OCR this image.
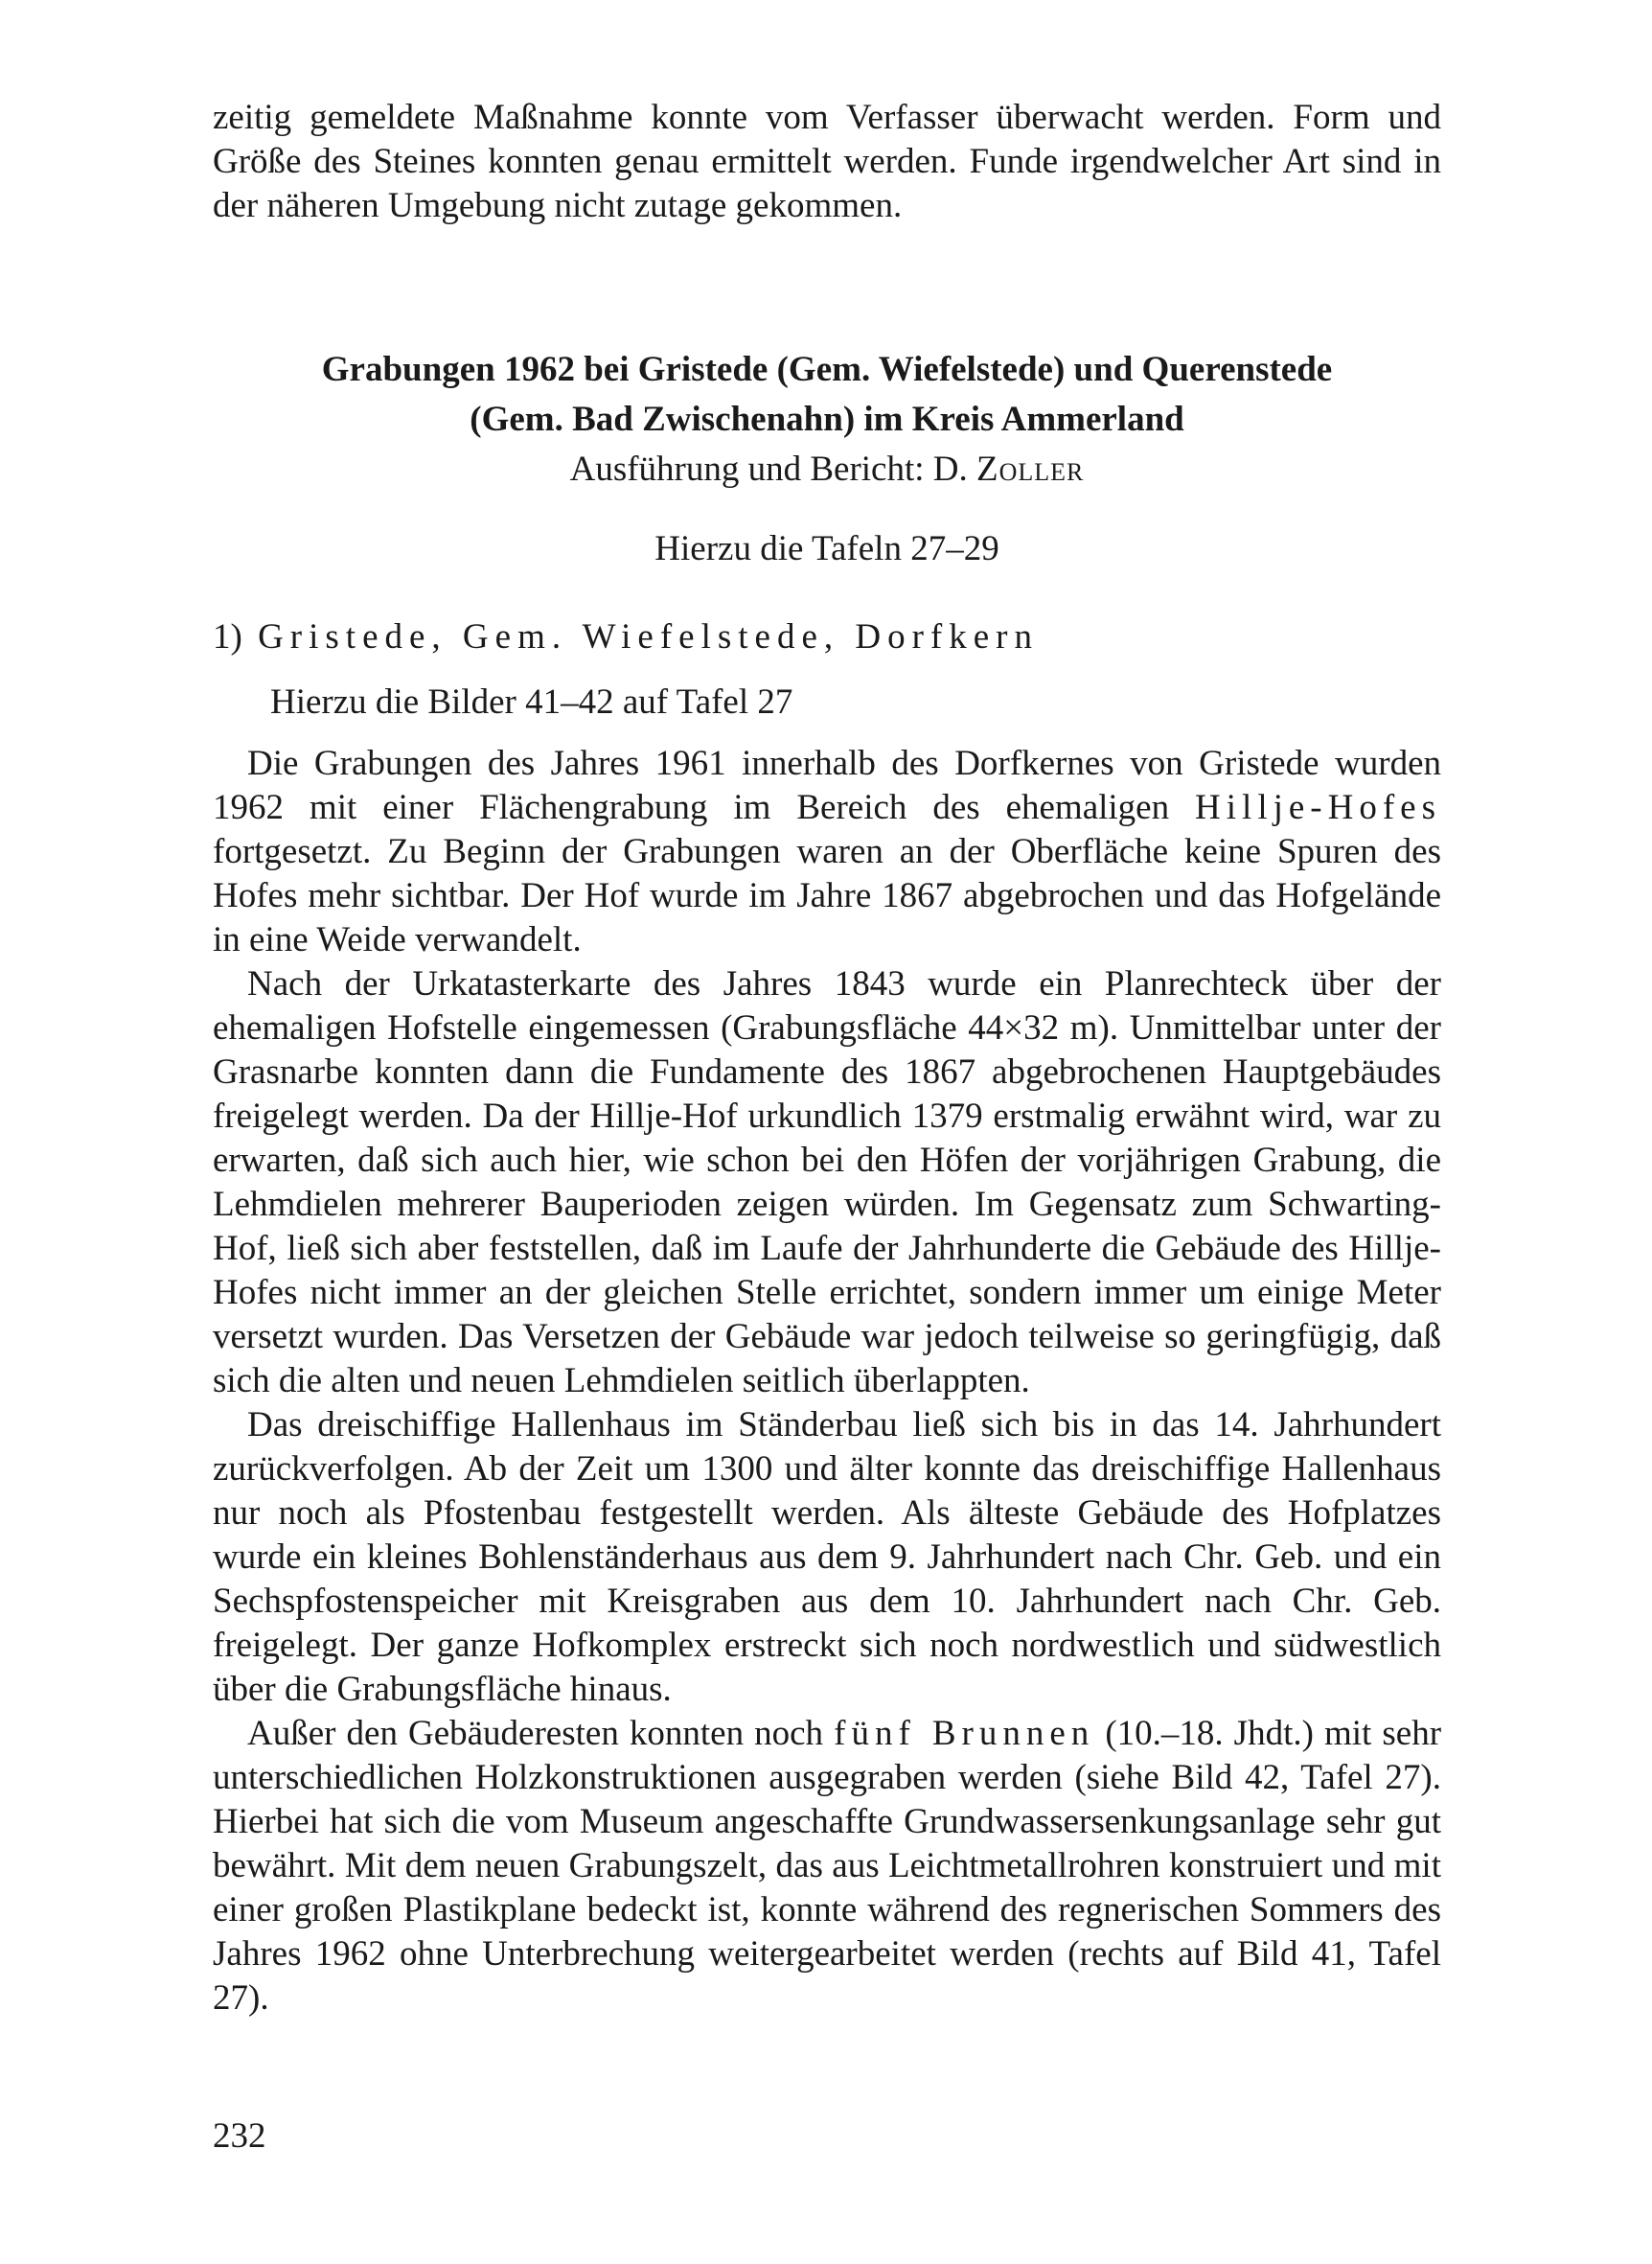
zeitig gemeldete Maßnahme konnte vom Verfasser überwacht werden. Form und Größe des Steines konnten genau ermittelt werden. Funde irgendwelcher Art sind in der näheren Umgebung nicht zutage gekommen.

Grabungen 1962 bei Gristede (Gem. Wiefelstede) und Querenstede

(Gem. Bad Zwischenahn) im Kreis Ammerland

Ausführung und Bericht: D. Zoller

Hierzu die Tafeln 27–29

1) Gristede, Gem. Wiefelstede, Dorfkern

Hierzu die Bilder 41–42 auf Tafel 27

Die Grabungen des Jahres 1961 innerhalb des Dorfkernes von Gristede wurden 1962 mit einer Flächengrabung im Bereich des ehemaligen Hillje-Hofes fortgesetzt. Zu Beginn der Grabungen waren an der Oberfläche keine Spuren des Hofes mehr sichtbar. Der Hof wurde im Jahre 1867 abgebrochen und das Hofgelände in eine Weide verwandelt.

Nach der Urkatasterkarte des Jahres 1843 wurde ein Planrechteck über der ehemaligen Hofstelle eingemessen (Grabungsfläche 44×32 m). Unmittelbar unter der Grasnarbe konnten dann die Fundamente des 1867 abgebrochenen Hauptgebäudes freigelegt werden. Da der Hillje-Hof urkundlich 1379 erstmalig erwähnt wird, war zu erwarten, daß sich auch hier, wie schon bei den Höfen der vorjährigen Grabung, die Lehmdielen mehrerer Bauperioden zeigen würden. Im Gegensatz zum Schwarting-Hof, ließ sich aber feststellen, daß im Laufe der Jahrhunderte die Gebäude des Hillje-Hofes nicht immer an der gleichen Stelle errichtet, sondern immer um einige Meter versetzt wurden. Das Versetzen der Gebäude war jedoch teilweise so geringfügig, daß sich die alten und neuen Lehmdielen seitlich überlappten.

Das dreischiffige Hallenhaus im Ständerbau ließ sich bis in das 14. Jahrhundert zurückverfolgen. Ab der Zeit um 1300 und älter konnte das dreischiffige Hallenhaus nur noch als Pfostenbau festgestellt werden. Als älteste Gebäude des Hofplatzes wurde ein kleines Bohlenständerhaus aus dem 9. Jahrhundert nach Chr. Geb. und ein Sechspfostenspeicher mit Kreisgraben aus dem 10. Jahrhundert nach Chr. Geb. freigelegt. Der ganze Hofkomplex erstreckt sich noch nordwestlich und südwestlich über die Grabungsfläche hinaus.

Außer den Gebäuderesten konnten noch fünf Brunnen (10.–18. Jhdt.) mit sehr unterschiedlichen Holzkonstruktionen ausgegraben werden (siehe Bild 42, Tafel 27). Hierbei hat sich die vom Museum angeschaffte Grundwassersenkungsanlage sehr gut bewährt. Mit dem neuen Grabungszelt, das aus Leichtmetallrohren konstruiert und mit einer großen Plastikplane bedeckt ist, konnte während des regnerischen Sommers des Jahres 1962 ohne Unterbrechung weitergearbeitet werden (rechts auf Bild 41, Tafel 27).

232
